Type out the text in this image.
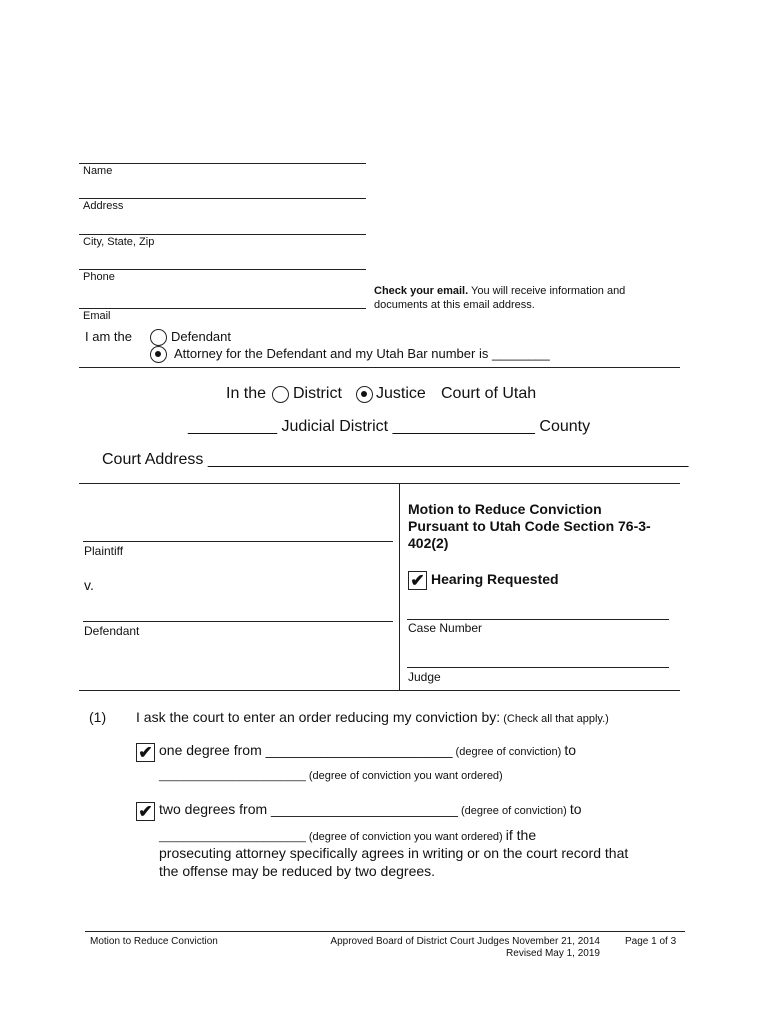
Name
Address
City, State, Zip
Phone
Email
Check your email. You will receive information and
documents at this email address.
I am the	Defendant
Attorney for the Defendant and my Utah Bar number is ________
In the District Justice Court of Utah
__________ Judicial District ________________ County
Court Address ______________________________________________________
Plaintiff
v.
Defendant
Motion to Reduce Conviction
Pursuant to Utah Code Section 76-3-
402(2)
✔ Hearing Requested
Case Number
Judge
(1) I ask the court to enter an order reducing my conviction by: (Check all that apply.)
✔ one degree from ________________________ (degree of conviction) to
________________________ (degree of conviction you want ordered)
✔ two degrees from ________________________ (degree of conviction) to
________________________ (degree of conviction you want ordered) if the
prosecuting attorney specifically agrees in writing or on the court record that
the offense may be reduced by two degrees.
Motion to Reduce Conviction	Approved Board of District Court Judges November 21, 2014
Revised May 1, 2019
Page 1 of 3
